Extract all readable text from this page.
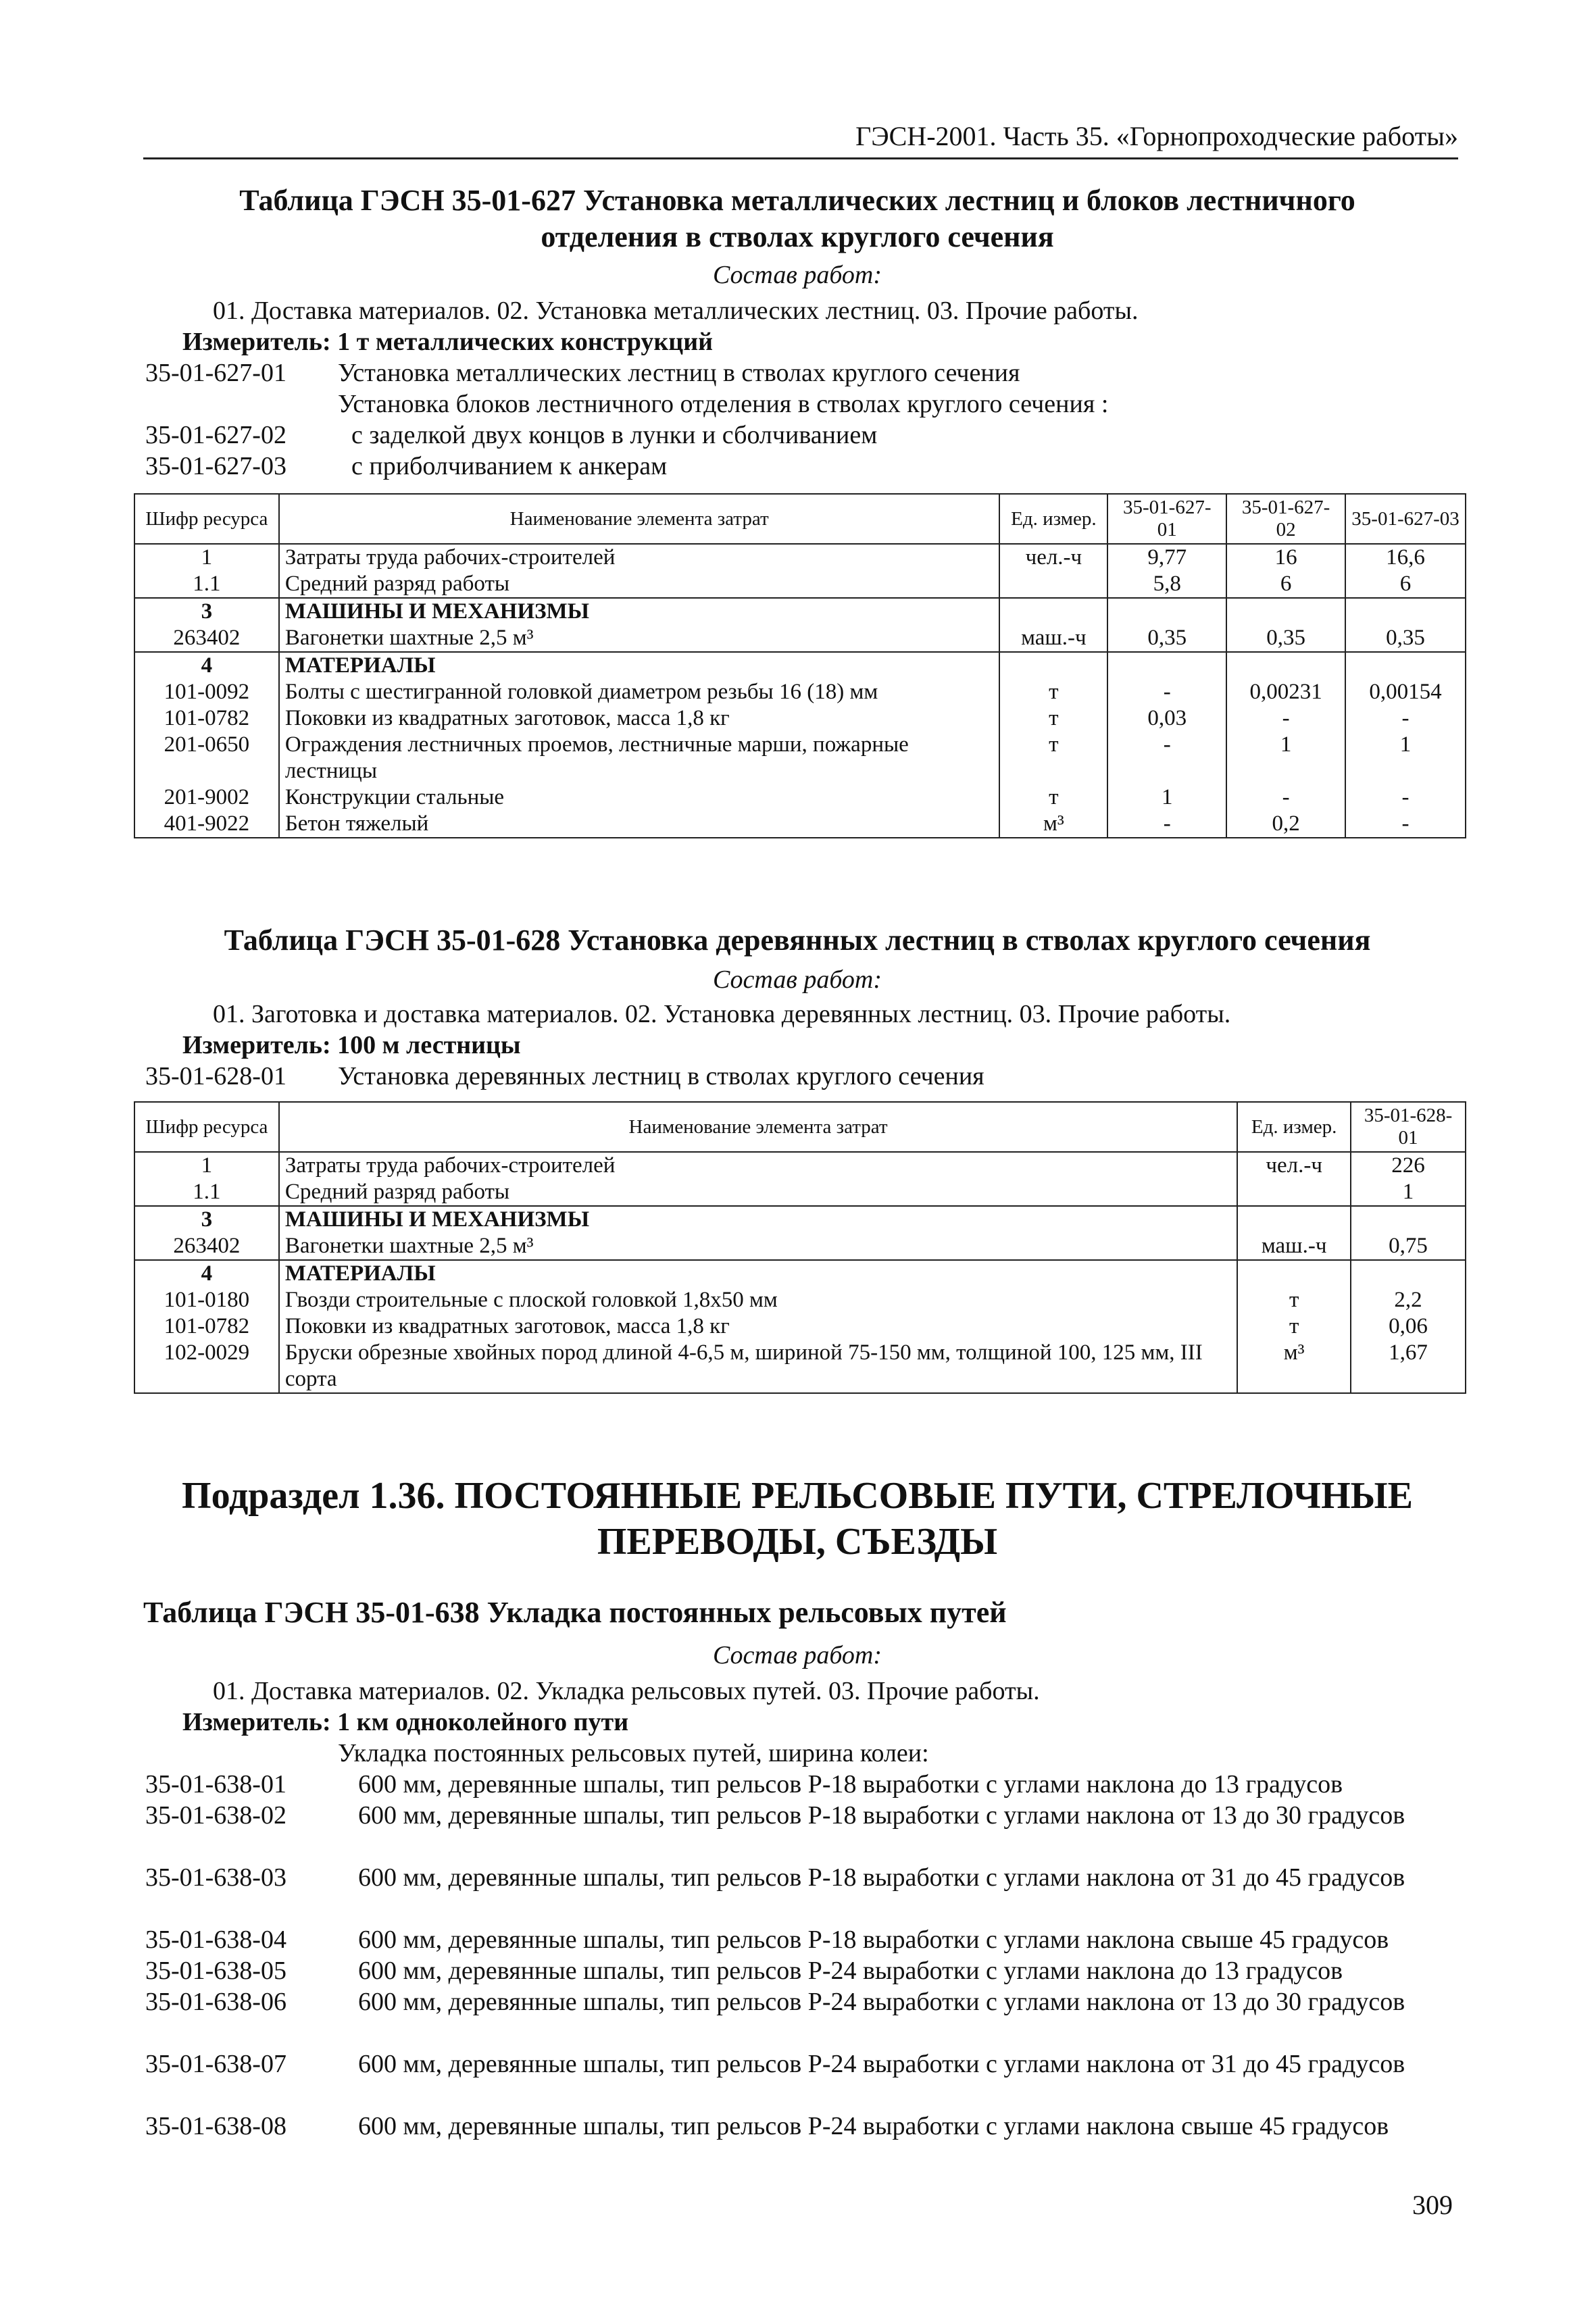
ГЭСН-2001. Часть 35. «Горнопроходческие работы»
Таблица ГЭСН 35-01-627 Установка металлических лестниц и блоков лестничного
отделения в стволах круглого сечения
Состав работ:
01. Доставка материалов. 02. Установка металлических лестниц. 03. Прочие работы.
Измеритель: 1 т металлических конструкций
35-01-627-01 Установка металлических лестниц в стволах круглого сечения
Установка блоков лестничного отделения в стволах круглого сечения :
35-01-627-02	с заделкой двух концов в лунки и сболчиванием
35-01-627-03	с приболчиванием к анкерам
Шифр ресурса	Наименование элемента затрат	Ед. измер.	35-01-627-01	35-01-627-02	35-01-627-03
1	Затраты труда рабочих-строителей	чел.-ч	9,77	16	16,6
1.1	Средний разряд работы		5,8	6	6
3	МАШИНЫ И МЕХАНИЗМЫ				
263402	Вагонетки шахтные 2,5 м³	маш.-ч	0,35	0,35	0,35
4	МАТЕРИАЛЫ				
101-0092	Болты с шестигранной головкой диаметром резьбы 16 (18) мм	т	-	0,00231	0,00154
101-0782	Поковки из квадратных заготовок, масса 1,8 кг	т	0,03	-	-
201-0650	Ограждения лестничных проемов, лестничные марши, пожарные лестницы	т	-	1	1
201-9002	Конструкции стальные	т	1	-	-
401-9022	Бетон тяжелый	м³	-	0,2	-
Таблица ГЭСН 35-01-628 Установка деревянных лестниц в стволах круглого сечения
Состав работ:
01. Заготовка и доставка материалов. 02. Установка деревянных лестниц. 03. Прочие работы.
Измеритель: 100 м лестницы
35-01-628-01 Установка деревянных лестниц в стволах круглого сечения
Шифр ресурса	Наименование элемента затрат	Ед. измер.	35-01-628-01
1	Затраты труда рабочих-строителей	чел.-ч	226
1.1	Средний разряд работы		1
3	МАШИНЫ И МЕХАНИЗМЫ		
263402	Вагонетки шахтные 2,5 м³	маш.-ч	0,75
4	МАТЕРИАЛЫ		
101-0180	Гвозди строительные с плоской головкой 1,8х50 мм	т	2,2
101-0782	Поковки из квадратных заготовок, масса 1,8 кг	т	0,06
102-0029	Бруски обрезные хвойных пород длиной 4-6,5 м, шириной 75-150 мм, толщиной 100, 125 мм, III сорта	м³	1,67
Подраздел 1.36. ПОСТОЯННЫЕ РЕЛЬСОВЫЕ ПУТИ, СТРЕЛОЧНЫЕ
ПЕРЕВОДЫ, СЪЕЗДЫ
Таблица ГЭСН 35-01-638 Укладка постоянных рельсовых путей
Состав работ:
01. Доставка материалов. 02. Укладка рельсовых путей. 03. Прочие работы.
Измеритель: 1 км одноколейного пути
Укладка постоянных рельсовых путей, ширина колеи:
35-01-638-01	600 мм, деревянные шпалы, тип рельсов Р-18 выработки с углами наклона до 13 градусов
35-01-638-02	600 мм, деревянные шпалы, тип рельсов Р-18 выработки с углами наклона от 13 до 30 градусов
35-01-638-03	600 мм, деревянные шпалы, тип рельсов Р-18 выработки с углами наклона от 31 до 45 градусов
35-01-638-04	600 мм, деревянные шпалы, тип рельсов Р-18 выработки с углами наклона свыше 45 градусов
35-01-638-05	600 мм, деревянные шпалы, тип рельсов Р-24 выработки с углами наклона до 13 градусов
35-01-638-06	600 мм, деревянные шпалы, тип рельсов Р-24 выработки с углами наклона от 13 до 30 градусов
35-01-638-07	600 мм, деревянные шпалы, тип рельсов Р-24 выработки с углами наклона от 31 до 45 градусов
35-01-638-08	600 мм, деревянные шпалы, тип рельсов Р-24 выработки с углами наклона свыше 45 градусов
309
